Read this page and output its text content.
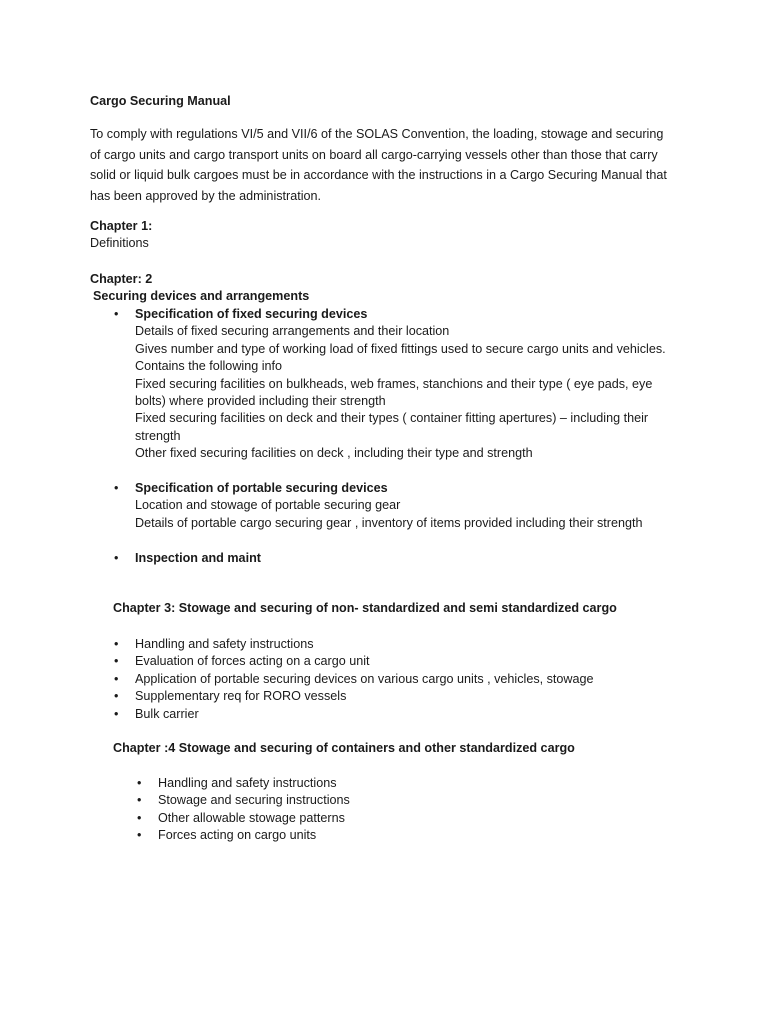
Cargo Securing Manual
To comply with regulations VI/5 and VII/6 of the SOLAS Convention, the loading, stowage and securing
of cargo units and cargo transport units on board all cargo-carrying vessels other than those that carry
solid or liquid bulk cargoes must be in accordance with the instructions in a Cargo Securing Manual that
has been approved by the administration.
Chapter 1:
Definitions
Chapter: 2
Securing devices and arrangements
• Specification of fixed securing devices
Details of fixed securing arrangements and their location
Gives number and type of working load of fixed fittings used to secure cargo units and vehicles.
Contains the following info
Fixed securing facilities on bulkheads, web frames, stanchions and their type ( eye pads, eye
bolts) where provided including their strength
Fixed securing facilities on deck and their types ( container fitting apertures) – including their
strength
Other fixed securing facilities on deck , including their type and strength
• Specification of portable securing devices
Location and stowage of portable securing gear
Details of portable cargo securing gear , inventory of items provided including their strength
• Inspection and maint
Chapter 3: Stowage and securing of non- standardized and semi standardized cargo
• Handling and safety instructions
• Evaluation of forces acting on a cargo unit
• Application of portable securing devices on various cargo units , vehicles, stowage
• Supplementary req for RORO vessels
• Bulk carrier
Chapter :4 Stowage and securing of containers and other standardized cargo
• Handling and safety instructions
• Stowage and securing instructions
• Other allowable stowage patterns
• Forces acting on cargo units
